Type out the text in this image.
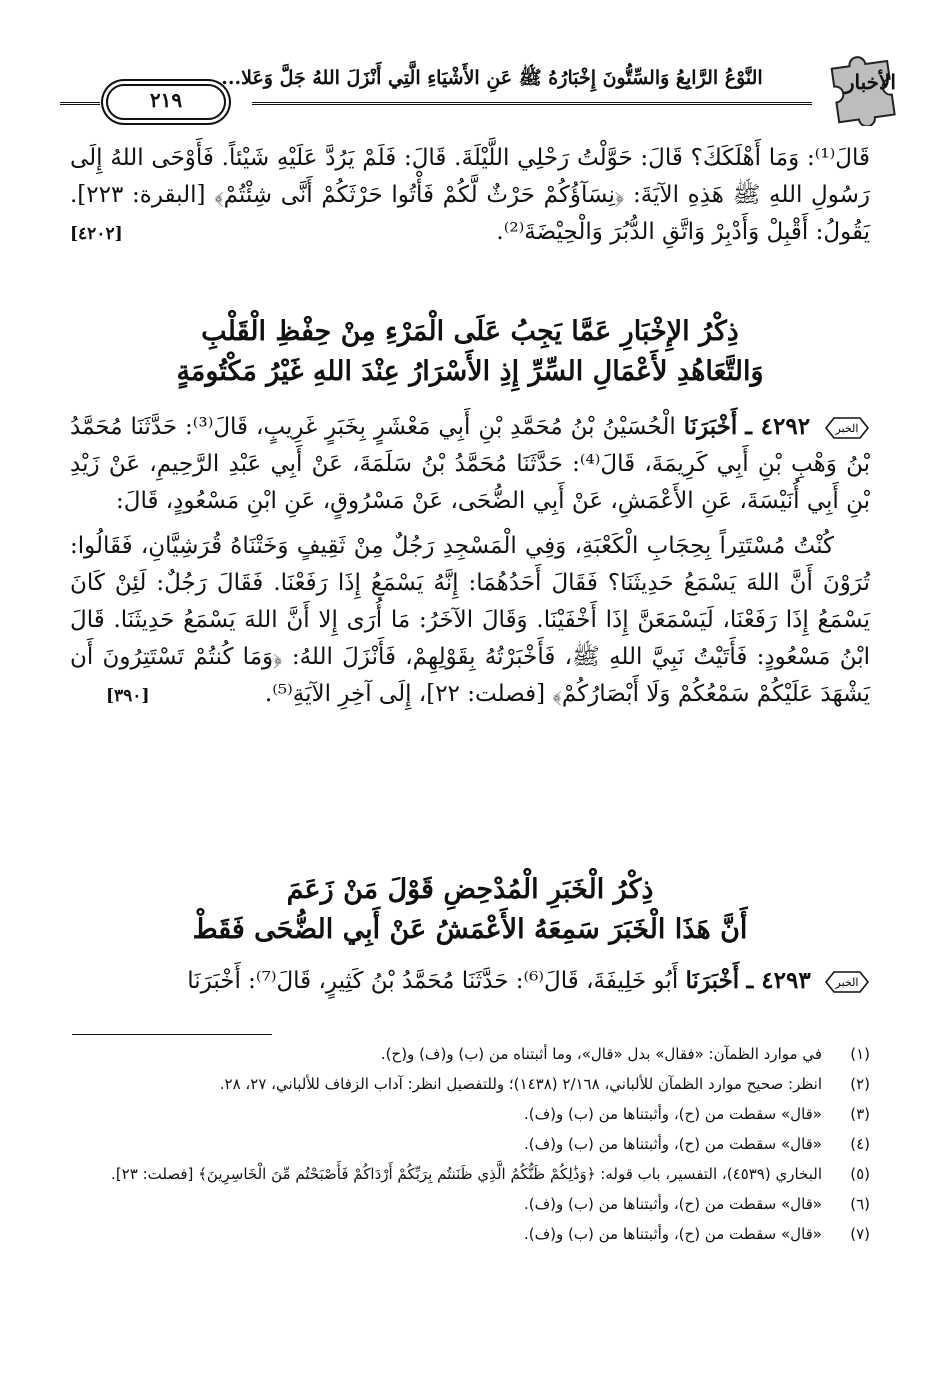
الأخبار
النَّوْعُ الرَّابِعُ وَالسِّتُّونَ إِخْبَارُهُ ﷺ عَنِ الأَشْيَاءِ الَّتِي أَنْزَلَ اللهُ جَلَّ وَعَلا...
٢١٩

قَالَ⁽¹⁾: وَمَا أَهْلَكَكَ؟ قَالَ: حَوَّلْتُ رَحْلِي اللَّيْلَةَ. قَالَ: فَلَمْ يَرُدَّ عَلَيْهِ شَيْئاً. فَأَوْحَى اللهُ إِلَى رَسُولِ اللهِ ﷺ هَذِهِ الآيَةَ: ﴿نِسَآؤُكُمْ حَرْثٌ لَّكُمْ فَأْتُوا حَرْثَكُمْ أَنَّى شِئْتُمْ﴾ [البقرة: ٢٢٣]. يَقُولُ: أَقْبِلْ وَأَدْبِرْ وَاتَّقِ الدُّبُرَ وَالْحِيْضَةَ⁽²⁾.
[٤٢٠٢]

ذِكْرُ الإِخْبَارِ عَمَّا يَجِبُ عَلَى الْمَرْءِ مِنْ حِفْظِ الْقَلْبِ
وَالتَّعَاهُدِ لأَعْمَالِ السِّرِّ إِذِ الأَسْرَارُ عِنْدَ اللهِ غَيْرُ مَكْتُومَةٍ

الخبر
٤٢٩٢ ـ أَخْبَرَنَا الْحُسَيْنُ بْنُ مُحَمَّدِ بْنِ أَبِي مَعْشَرٍ بِخَبَرٍ غَرِيبٍ، قَالَ⁽³⁾: حَدَّثَنَا مُحَمَّدُ بْنُ وَهْبِ بْنِ أَبِي كَرِيمَةَ، قَالَ⁽⁴⁾: حَدَّثَنَا مُحَمَّدُ بْنُ سَلَمَةَ، عَنْ أَبِي عَبْدِ الرَّحِيمِ، عَنْ زَيْدِ بْنِ أَبِي أُنَيْسَةَ، عَنِ الأَعْمَشِ، عَنْ أَبِي الضُّحَى، عَنْ مَسْرُوقٍ، عَنِ ابْنِ مَسْعُودٍ، قَالَ:

كُنْتُ مُسْتَتِراً بِحِجَابِ الْكَعْبَةِ، وَفِي الْمَسْجِدِ رَجُلٌ مِنْ ثَقِيفٍ وَخَتْنَاهُ قُرَشِيَّانِ، فَقَالُوا: تُرَوْنَ أَنَّ اللهَ يَسْمَعُ حَدِيثَنَا؟ فَقَالَ أَحَدُهُمَا: إِنَّهُ يَسْمَعُ إِذَا رَفَعْنَا. فَقَالَ رَجُلٌ: لَئِنْ كَانَ يَسْمَعُ إِذَا رَفَعْنَا، لَيَسْمَعَنَّ إِذَا أَخْفَيْنَا. وَقَالَ الآخَرُ: مَا أُرَى إِلا أَنَّ اللهَ يَسْمَعُ حَدِيثَنَا. قَالَ ابْنُ مَسْعُودٍ: فَأَتَيْتُ نَبِيَّ اللهِ ﷺ، فَأَخْبَرْتُهُ بِقَوْلِهِمْ، فَأَنْزَلَ اللهُ: ﴿وَمَا كُنتُمْ تَسْتَتِرُونَ أَن يَشْهَدَ عَلَيْكُمْ سَمْعُكُمْ وَلَا أَبْصَارُكُمْ﴾ [فصلت: ٢٢]، إِلَى آخِرِ الآيَةِ⁽⁵⁾.
[٣٩٠]

ذِكْرُ الْخَبَرِ الْمُدْحِضِ قَوْلَ مَنْ زَعَمَ
أَنَّ هَذَا الْخَبَرَ سَمِعَهُ الأَعْمَشُ عَنْ أَبِي الضُّحَى فَقَطْ

الخبر
٤٢٩٣ ـ أَخْبَرَنَا أَبُو خَلِيفَةَ، قَالَ⁽⁶⁾: حَدَّثَنَا مُحَمَّدُ بْنُ كَثِيرٍ، قَالَ⁽⁷⁾: أَخْبَرَنَا

(١)
في موارد الظمآن: «فقال» بدل «قال»، وما أثبتناه من (ب) و(ف) و(ح).
(٢)
انظر: صحيح موارد الظمآن للألباني، ٢/١٦٨ (١٤٣٨)؛ وللتفصيل انظر: آداب الزفاف للألباني، ٢٧، ٢٨.
(٣)
«قال» سقطت من (ح)، وأثبتناها من (ب) و(ف).
(٤)
«قال» سقطت من (ح)، وأثبتناها من (ب) و(ف).
(٥)
البخاري (٤٥٣٩)، التفسير، باب قوله: ﴿وَذَٰلِكُمْ ظَنُّكُمُ الَّذِي ظَنَنتُم بِرَبِّكُمْ أَرْدَاكُمْ فَأَصْبَحْتُم مِّنَ الْخَاسِرِينَ﴾ [فصلت: ٢٣].
(٦)
«قال» سقطت من (ح)، وأثبتناها من (ب) و(ف).
(٧)
«قال» سقطت من (ح)، وأثبتناها من (ب) و(ف).
